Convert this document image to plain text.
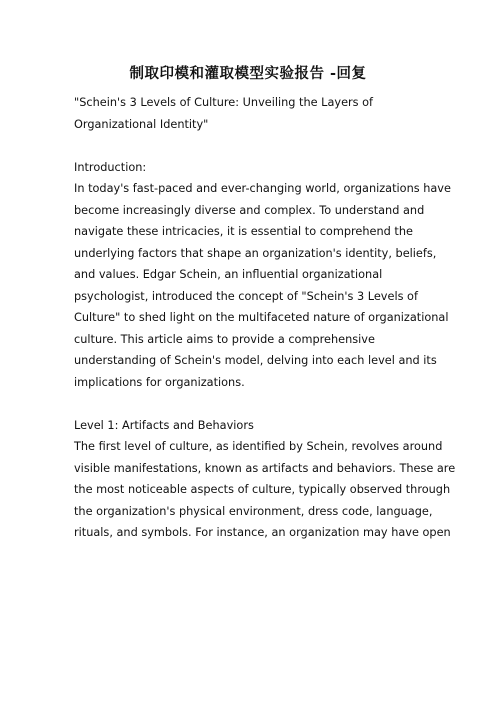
制取印模和灌取模型实验报告 -回复
"Schein's 3 Levels of Culture: Unveiling the Layers of
Organizational Identity"
Introduction:
In today's fast-paced and ever-changing world, organizations have
become increasingly diverse and complex. To understand and
navigate these intricacies, it is essential to comprehend the
underlying factors that shape an organization's identity, beliefs,
and values. Edgar Schein, an influential organizational
psychologist, introduced the concept of "Schein's 3 Levels of
Culture" to shed light on the multifaceted nature of organizational
culture. This article aims to provide a comprehensive
understanding of Schein's model, delving into each level and its
implications for organizations.
Level 1: Artifacts and Behaviors
The first level of culture, as identified by Schein, revolves around
visible manifestations, known as artifacts and behaviors. These are
the most noticeable aspects of culture, typically observed through
the organization's physical environment, dress code, language,
rituals, and symbols. For instance, an organization may have open
